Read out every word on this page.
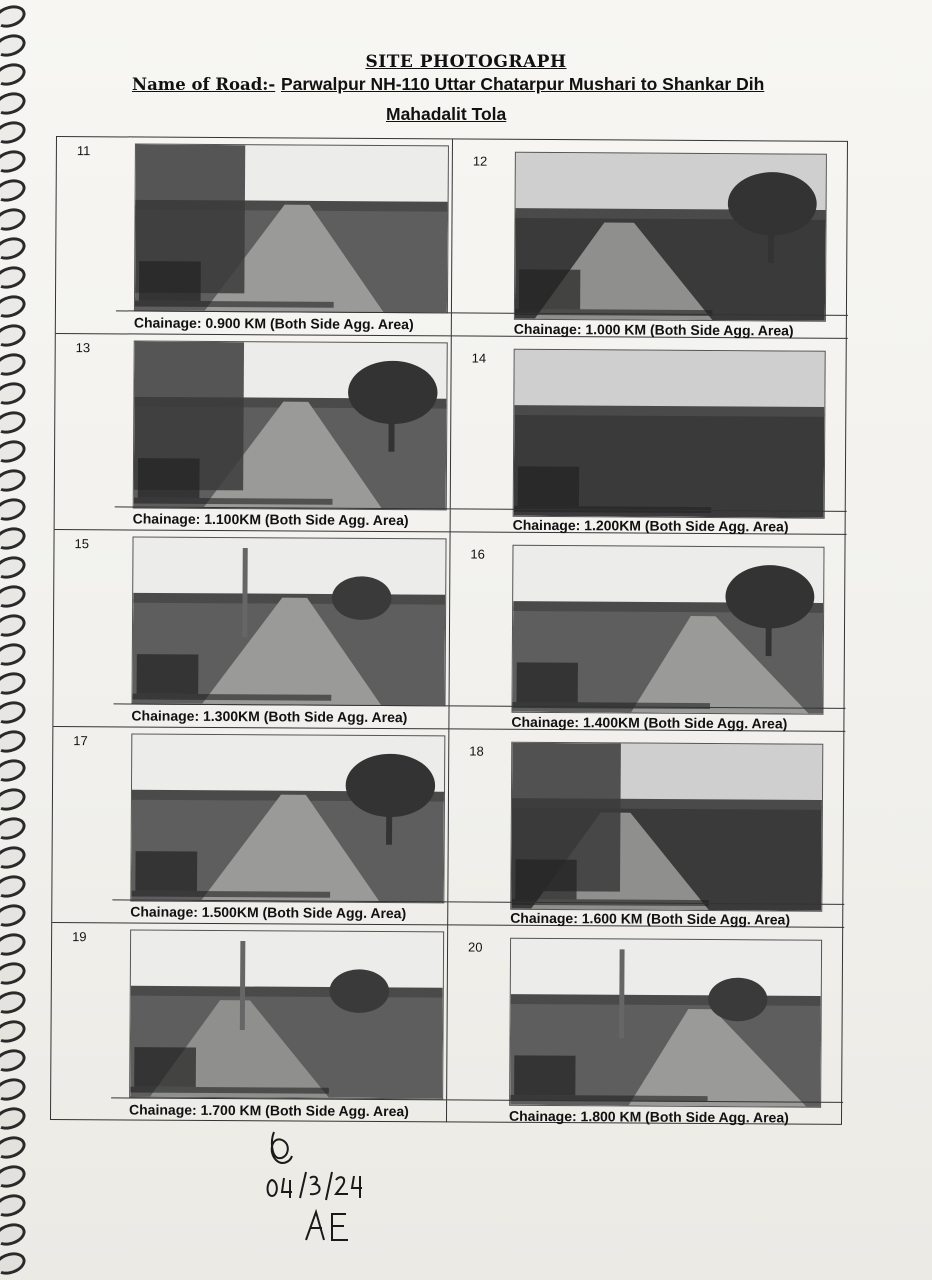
SITE PHOTOGRAPH
Name of Road:- Parwalpur NH-110 Uttar Chatarpur Mushari to Shankar Dih
Mahadalit Tola
11
Chainage: 0.900 KM (Both Side Agg. Area)
12
Chainage: 1.000 KM (Both Side Agg. Area)
13
Chainage: 1.100KM (Both Side Agg. Area)
14
Chainage: 1.200KM (Both Side Agg. Area)
15
Chainage: 1.300KM (Both Side Agg. Area)
16
Chainage: 1.400KM (Both Side Agg. Area)
17
Chainage: 1.500KM (Both Side Agg. Area)
18
Chainage: 1.600 KM (Both Side Agg. Area)
19
Chainage: 1.700 KM (Both Side Agg. Area)
20
Chainage: 1.800 KM (Both Side Agg. Area)
